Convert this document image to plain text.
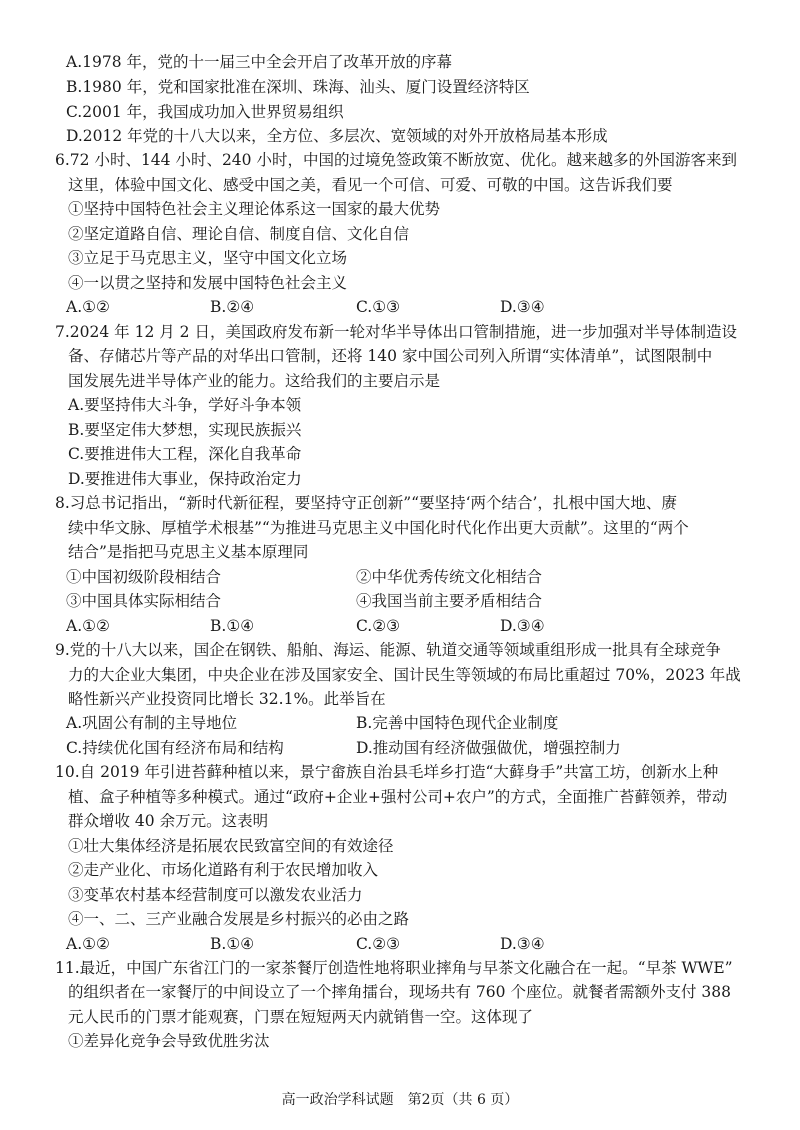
A.1978 年，党的十一届三中全会开启了改革开放的序幕
B.1980 年，党和国家批准在深圳、珠海、汕头、厦门设置经济特区
C.2001 年，我国成功加入世界贸易组织
D.2012 年党的十八大以来，全方位、多层次、宽领域的对外开放格局基本形成
6.72 小时、144 小时、240 小时，中国的过境免签政策不断放宽、优化。越来越多的外国游客来到
这里，体验中国文化、感受中国之美，看见一个可信、可爱、可敬的中国。这告诉我们要
①坚持中国特色社会主义理论体系这一国家的最大优势
②坚定道路自信、理论自信、制度自信、文化自信
③立足于马克思主义，坚守中国文化立场
④一以贯之坚持和发展中国特色社会主义
7.2024 年 12 月 2 日，美国政府发布新一轮对华半导体出口管制措施，进一步加强对半导体制造设
备、存储芯片等产品的对华出口管制，还将 140 家中国公司列入所谓“实体清单”，试图限制中
国发展先进半导体产业的能力。这给我们的主要启示是
A.要坚持伟大斗争，学好斗争本领
B.要坚定伟大梦想，实现民族振兴
C.要推进伟大工程，深化自我革命
D.要推进伟大事业，保持政治定力
8.习总书记指出，“新时代新征程，要坚持守正创新”“要坚持‘两个结合’，扎根中国大地、赓
续中华文脉、厚植学术根基”“为推进马克思主义中国化时代化作出更大贡献”。这里的“两个
结合”是指把马克思主义基本原理同
9.党的十八大以来，国企在钢铁、船舶、海运、能源、轨道交通等领域重组形成一批具有全球竞争
力的大企业大集团，中央企业在涉及国家安全、国计民生等领域的布局比重超过 70%，2023 年战
略性新兴产业投资同比增长 32.1%。此举旨在
10.自 2019 年引进苔藓种植以来，景宁畲族自治县毛垟乡打造“大藓身手”共富工坊，创新水上种
植、盒子种植等多种模式。通过“政府+企业+强村公司+农户”的方式，全面推广苔藓领养，带动
群众增收 40 余万元。这表明
①壮大集体经济是拓展农民致富空间的有效途径
②走产业化、市场化道路有利于农民增加收入
③变革农村基本经营制度可以激发农业活力
④一、二、三产业融合发展是乡村振兴的必由之路
11.最近，中国广东省江门的一家茶餐厅创造性地将职业摔角与早茶文化融合在一起。“早茶 WWE”
的组织者在一家餐厅的中间设立了一个摔角擂台，现场共有 760 个座位。就餐者需额外支付 388
元人民币的门票才能观赛，门票在短短两天内就销售一空。这体现了
①差异化竞争会导致优胜劣汰
A.①②	B.②④	C.①③	D.③④
①中国初级阶段相结合	②中华优秀传统文化相结合
③中国具体实际相结合	④我国当前主要矛盾相结合
A.①②	B.①④	C.②③	D.③④
A.巩固公有制的主导地位	B.完善中国特色现代企业制度
C.持续优化国有经济布局和结构	D.推动国有经济做强做优，增强控制力
A.①②	B.①④	C.②③	D.③④
高一政治学科试题　第2页（共 6 页）
